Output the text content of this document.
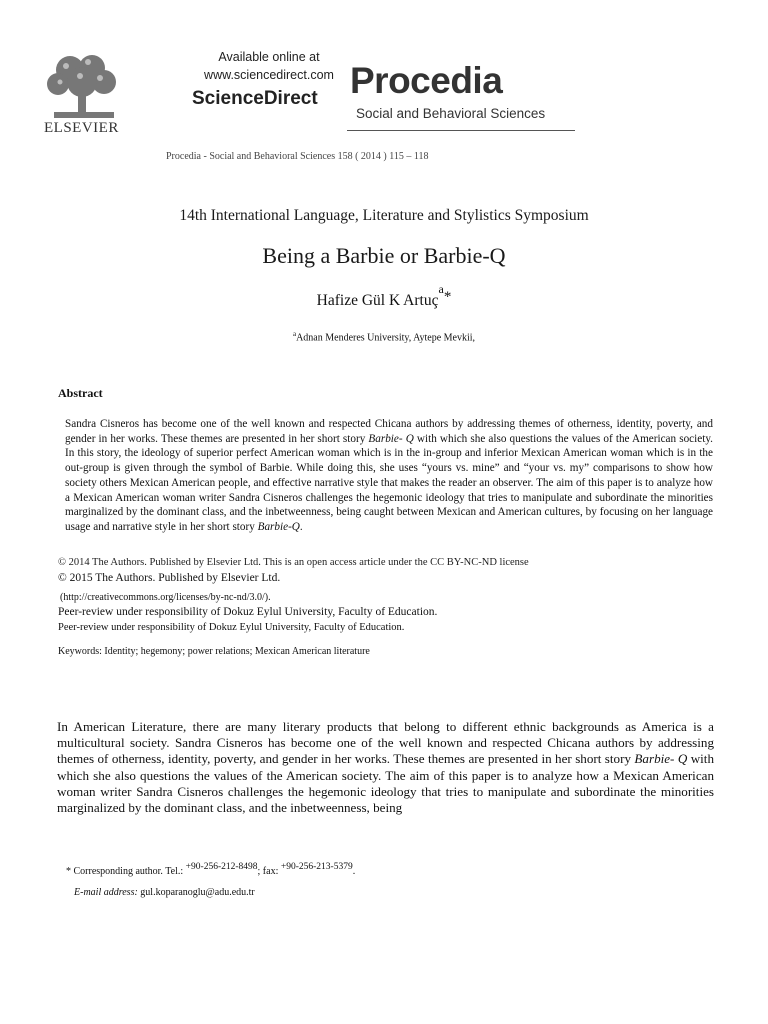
ELSEVIER
Available online at
www.sciencedirect.com
ScienceDirect Procedia
Social and Behavioral Sciences
Procedia - Social and Behavioral Sciences 158 ( 2014 ) 115 – 118
14th International Language, Literature and Stylistics Symposium
Being a Barbie or Barbie-Q
Hafize Gül K Artuç$^a$*
$^a$Adnan Menderes University, Aytepe Mevkii,
Abstract
Sandra Cisneros has become one of the well known and respected Chicana authors by addressing themes of otherness, identity, poverty, and gender in her works. These themes are presented in her short story Barbie- Q with which she also questions the values of the American society. In this story, the ideology of superior perfect American woman which is in the in-group and inferior Mexican American woman which is in the out-group is given through the symbol of Barbie. While doing this, she uses “yours vs. mine” and “your vs. my” comparisons to show how society others Mexican American people, and effective narrative style that makes the reader an observer. The aim of this paper is to analyze how a Mexican American woman writer Sandra Cisneros challenges the hegemonic ideology that tries to manipulate and subordinate the minorities marginalized by the dominant class, and the inbetweenness, being caught between Mexican and American cultures, by focusing on her language usage and narrative style in her short story Barbie-Q.
© 2014 The Authors. Published by Elsevier Ltd. This is an open access article under the CC BY-NC-ND license
© 2015 The Authors. Published by Elsevier Ltd.
(http://creativecommons.org/licenses/by-nc-nd/3.0/).
Peer-review under responsibility of Dokuz Eylul University, Faculty of Education.
Peer-review under responsibility of Dokuz Eylul University, Faculty of Education.
Keywords: Identity; hegemony; power relations; Mexican American literature
In American Literature, there are many literary products that belong to different ethnic backgrounds as America is a multicultural society. Sandra Cisneros has become one of the well known and respected Chicana authors by addressing themes of otherness, identity, poverty, and gender in her works. These themes are presented in her short story Barbie- Q with which she also questions the values of the American society. The aim of this paper is to analyze how a Mexican American woman writer Sandra Cisneros challenges the hegemonic ideology that tries to manipulate and subordinate the minorities marginalized by the dominant class, and the inbetweenness, being
* Corresponding author. Tel.: +90-256-212-8498; fax: +90-256-213-5379.
E-mail address: gul.koparanoglu@adu.edu.tr
